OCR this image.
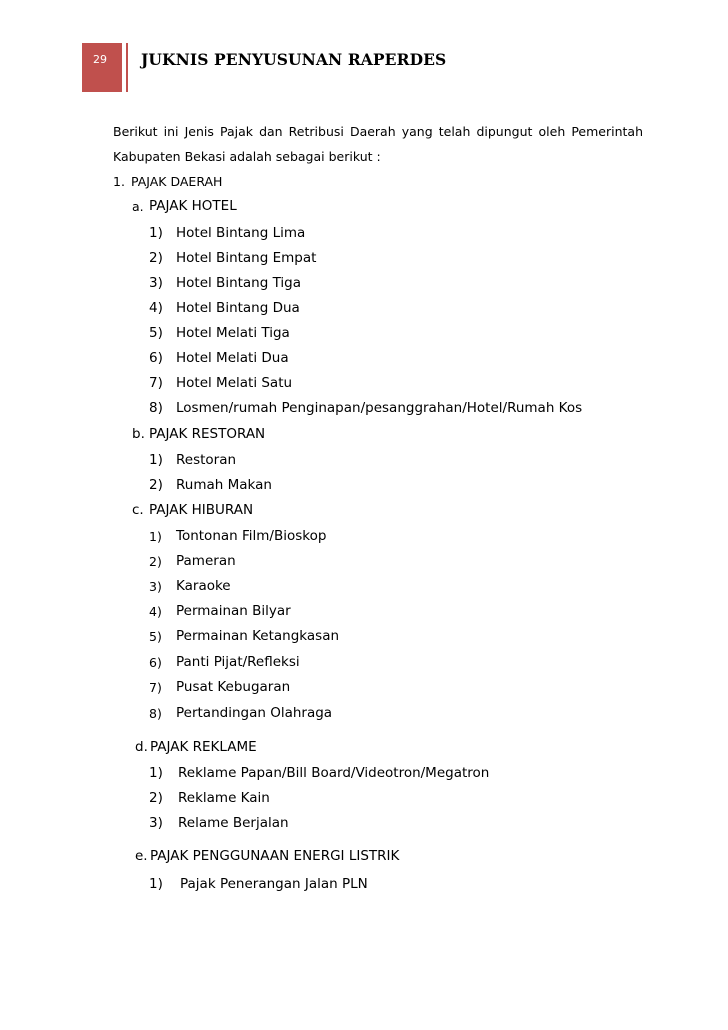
29 JUKNIS PENYUSUNAN RAPERDES
Berikut ini Jenis Pajak dan Retribusi Daerah yang telah dipungut oleh Pemerintah
Kabupaten Bekasi adalah sebagai berikut :
1. PAJAK DAERAH
a. PAJAK HOTEL
1) Hotel Bintang Lima
2) Hotel Bintang Empat
3) Hotel Bintang Tiga
4) Hotel Bintang Dua
5) Hotel Melati Tiga
6) Hotel Melati Dua
7) Hotel Melati Satu
8) Losmen/rumah Penginapan/pesanggrahan/Hotel/Rumah Kos
b. PAJAK RESTORAN
1) Restoran
2) Rumah Makan
c. PAJAK HIBURAN
1) Tontonan Film/Bioskop
2) Pameran
3) Karaoke
4) Permainan Bilyar
5) Permainan Ketangkasan
6) Panti Pijat/Refleksi
7) Pusat Kebugaran
8) Pertandingan Olahraga
d. PAJAK REKLAME
1) Reklame Papan/Bill Board/Videotron/Megatron
2) Reklame Kain
3) Relame Berjalan
e. PAJAK PENGGUNAAN ENERGI LISTRIK
1) Pajak Penerangan Jalan PLN
